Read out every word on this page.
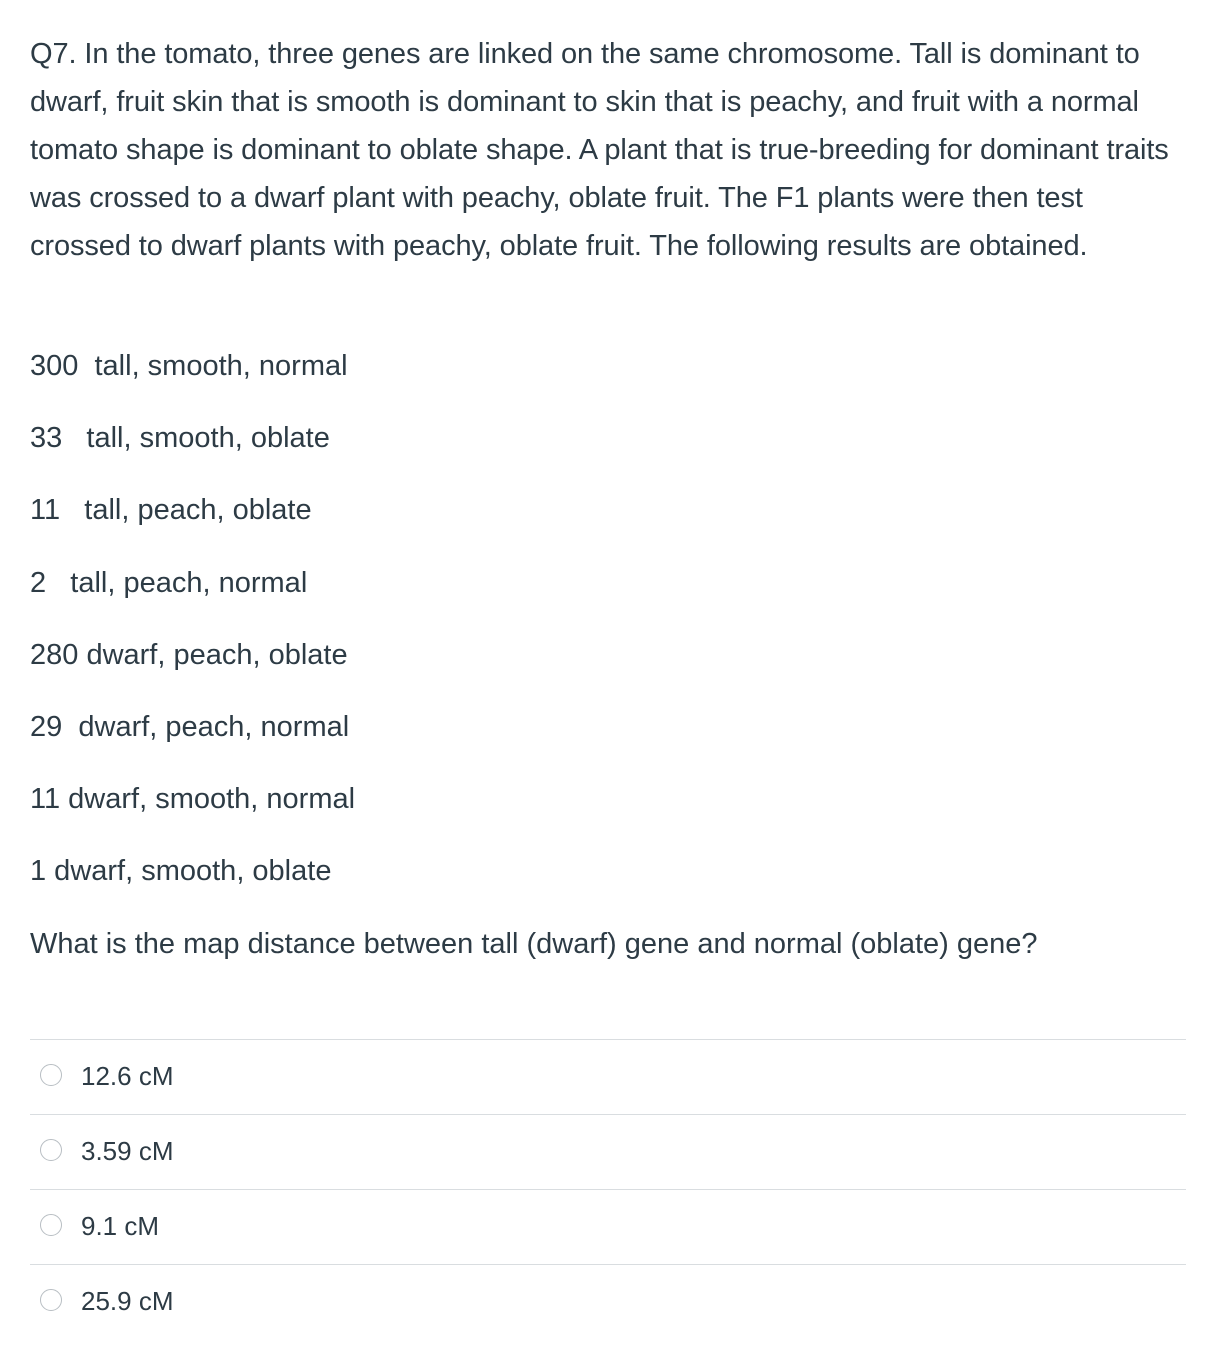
Q7. In the tomato, three genes are linked on the same chromosome. Tall is dominant to dwarf, fruit skin that is smooth is dominant to skin that is peachy, and fruit with a normal tomato shape is dominant to oblate shape. A plant that is true-breeding for dominant traits was crossed to a dwarf plant with peachy, oblate fruit. The F1 plants were then test crossed to dwarf plants with peachy, oblate fruit. The following results are obtained.

300  tall, smooth, normal
33   tall, smooth, oblate
11   tall, peach, oblate
2   tall, peach, normal
280 dwarf, peach, oblate
29  dwarf, peach, normal
11 dwarf, smooth, normal
1 dwarf, smooth, oblate

What is the map distance between tall (dwarf) gene and normal (oblate) gene?

12.6 cM
3.59 cM
9.1 cM
25.9 cM
